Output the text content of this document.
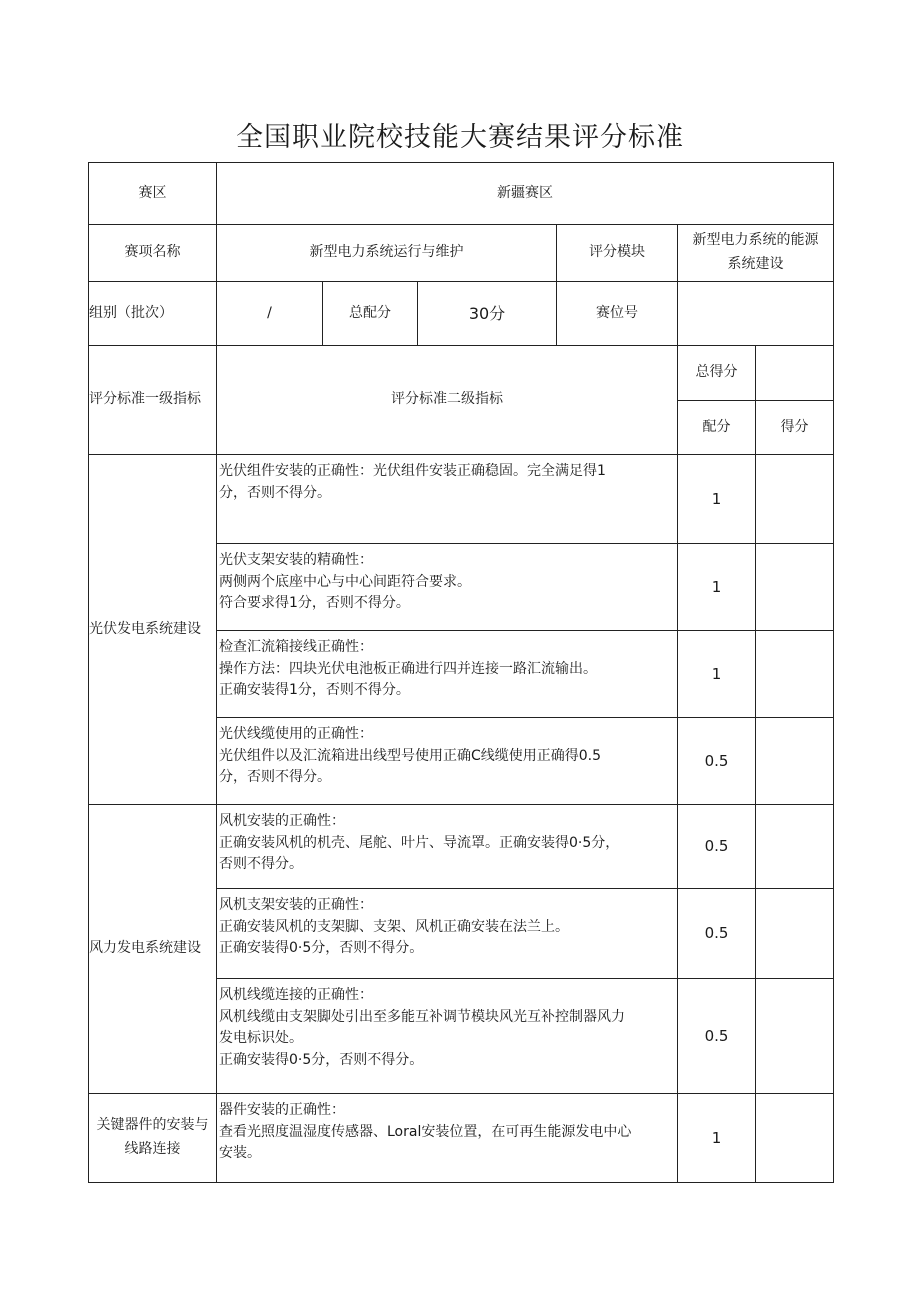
全国职业院校技能大赛结果评分标准
赛区	新疆赛区					
赛项名称	新型电力系统运行与维护			评分模块	新型电力系统的能源
系统建设	

组别（批次）	/	总配分	30分	赛位号		
评分标准一级指标	评分标准二级指标				总得分	
					配分	得分
光伏发电系统建设	光伏组件安装的正确性：光伏组件安装正确稳固。完全满足得1
分，否则不得分。				1	

	光伏支架安装的精确性：
两侧两个底座中心与中心间距符合要求。
符合要求得1分，否则不得分。				1	

	检查汇流箱接线正确性：
操作方法：四块光伏电池板正确进行四并连接一路汇流输出。
正确安装得1分，否则不得分。				1	

	光伏线缆使用的正确性：
光伏组件以及汇流箱进出线型号使用正确C线缆使用正确得0.5
分，否则不得分。				0.5	
风力发电系统建设	风机安装的正确性：
正确安装风机的机壳、尾舵、叶片、导流罩。正确安装得0·5分，
否则不得分。				0.5	

	风机支架安装的正确性：
正确安装风机的支架脚、支架、风机正确安装在法兰上。
正确安装得0·5分，否则不得分。				0.5	

	风机线缆连接的正确性：
风机线缆由支架脚处引出至多能互补调节模块风光互补控制器风力
发电标识处。
正确安装得0·5分，否则不得分。				0.5	

关键器件的安装与
线路连接	器件安装的正确性：
查看光照度温湿度传感器、Loral安装位置，在可再生能源发电中心
安装。				1	
